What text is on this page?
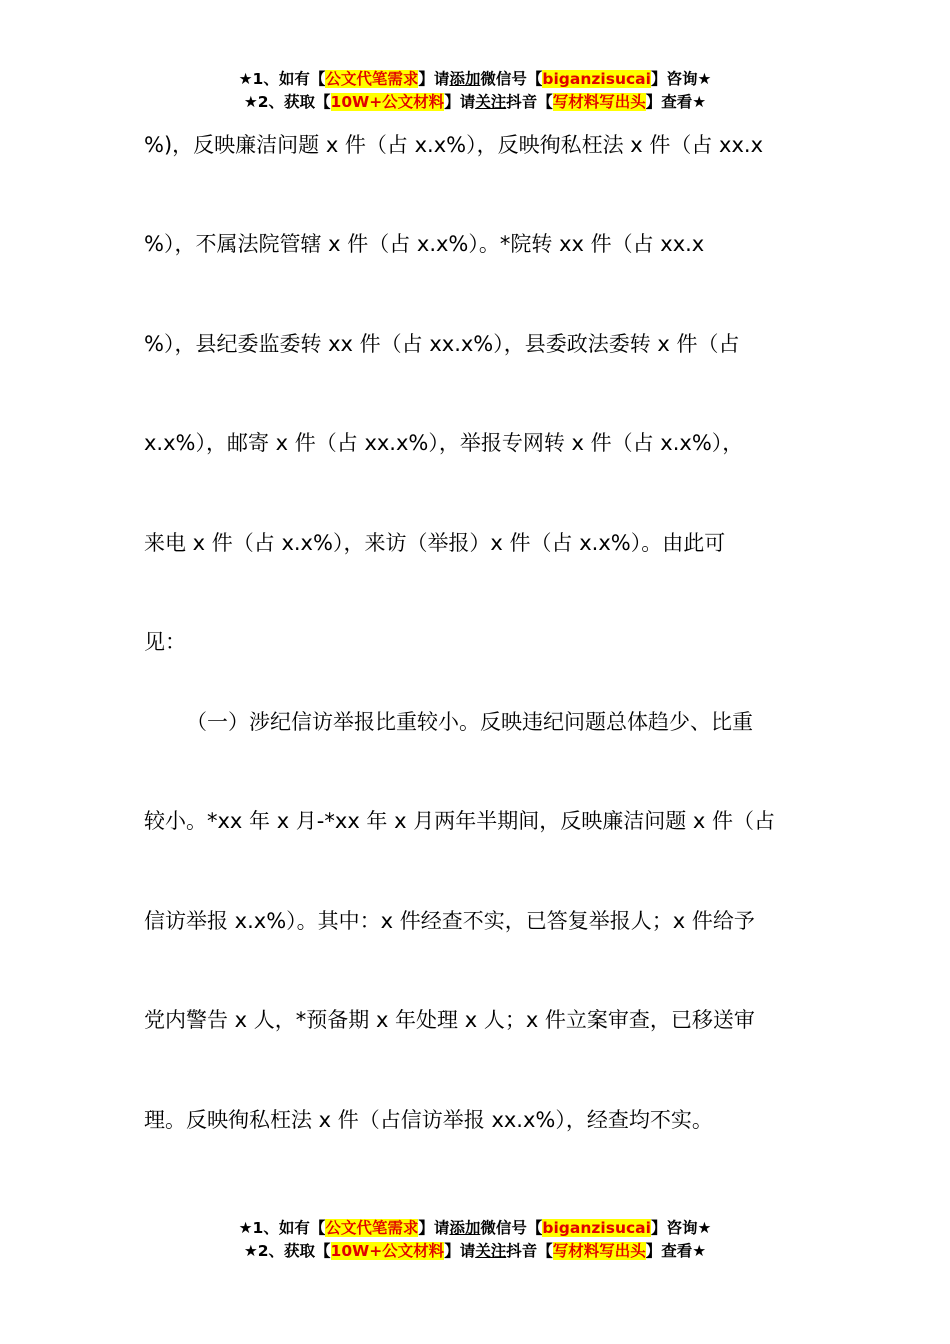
★1、如有【公文代笔需求】请添加微信号【biganzisucai】咨询★
★2、获取【10W+公文材料】请关注抖音【写材料写出头】查看★
%)，反映廉洁问题 x 件（占 x.x%），反映徇私枉法 x 件（占 xx.x
%），不属法院管辖 x 件（占 x.x%）。*院转 xx 件（占 xx.x
%），县纪委监委转 xx 件（占 xx.x%），县委政法委转 x 件（占
x.x%），邮寄 x 件（占 xx.x%），举报专网转 x 件（占 x.x%），
来电 x 件（占 x.x%），来访（举报）x 件（占 x.x%）。由此可
见：
（一）涉纪信访举报比重较小。反映违纪问题总体趋少、比重
较小。*xx 年 x 月-*xx 年 x 月两年半期间，反映廉洁问题 x 件（占
信访举报 x.x%）。其中：x 件经查不实，已答复举报人；x 件给予
党内警告 x 人，*预备期 x 年处理 x 人；x 件立案审查，已移送审
理。反映徇私枉法 x 件（占信访举报 xx.x%），经查均不实。
★1、如有【公文代笔需求】请添加微信号【biganzisucai】咨询★
★2、获取【10W+公文材料】请关注抖音【写材料写出头】查看★
